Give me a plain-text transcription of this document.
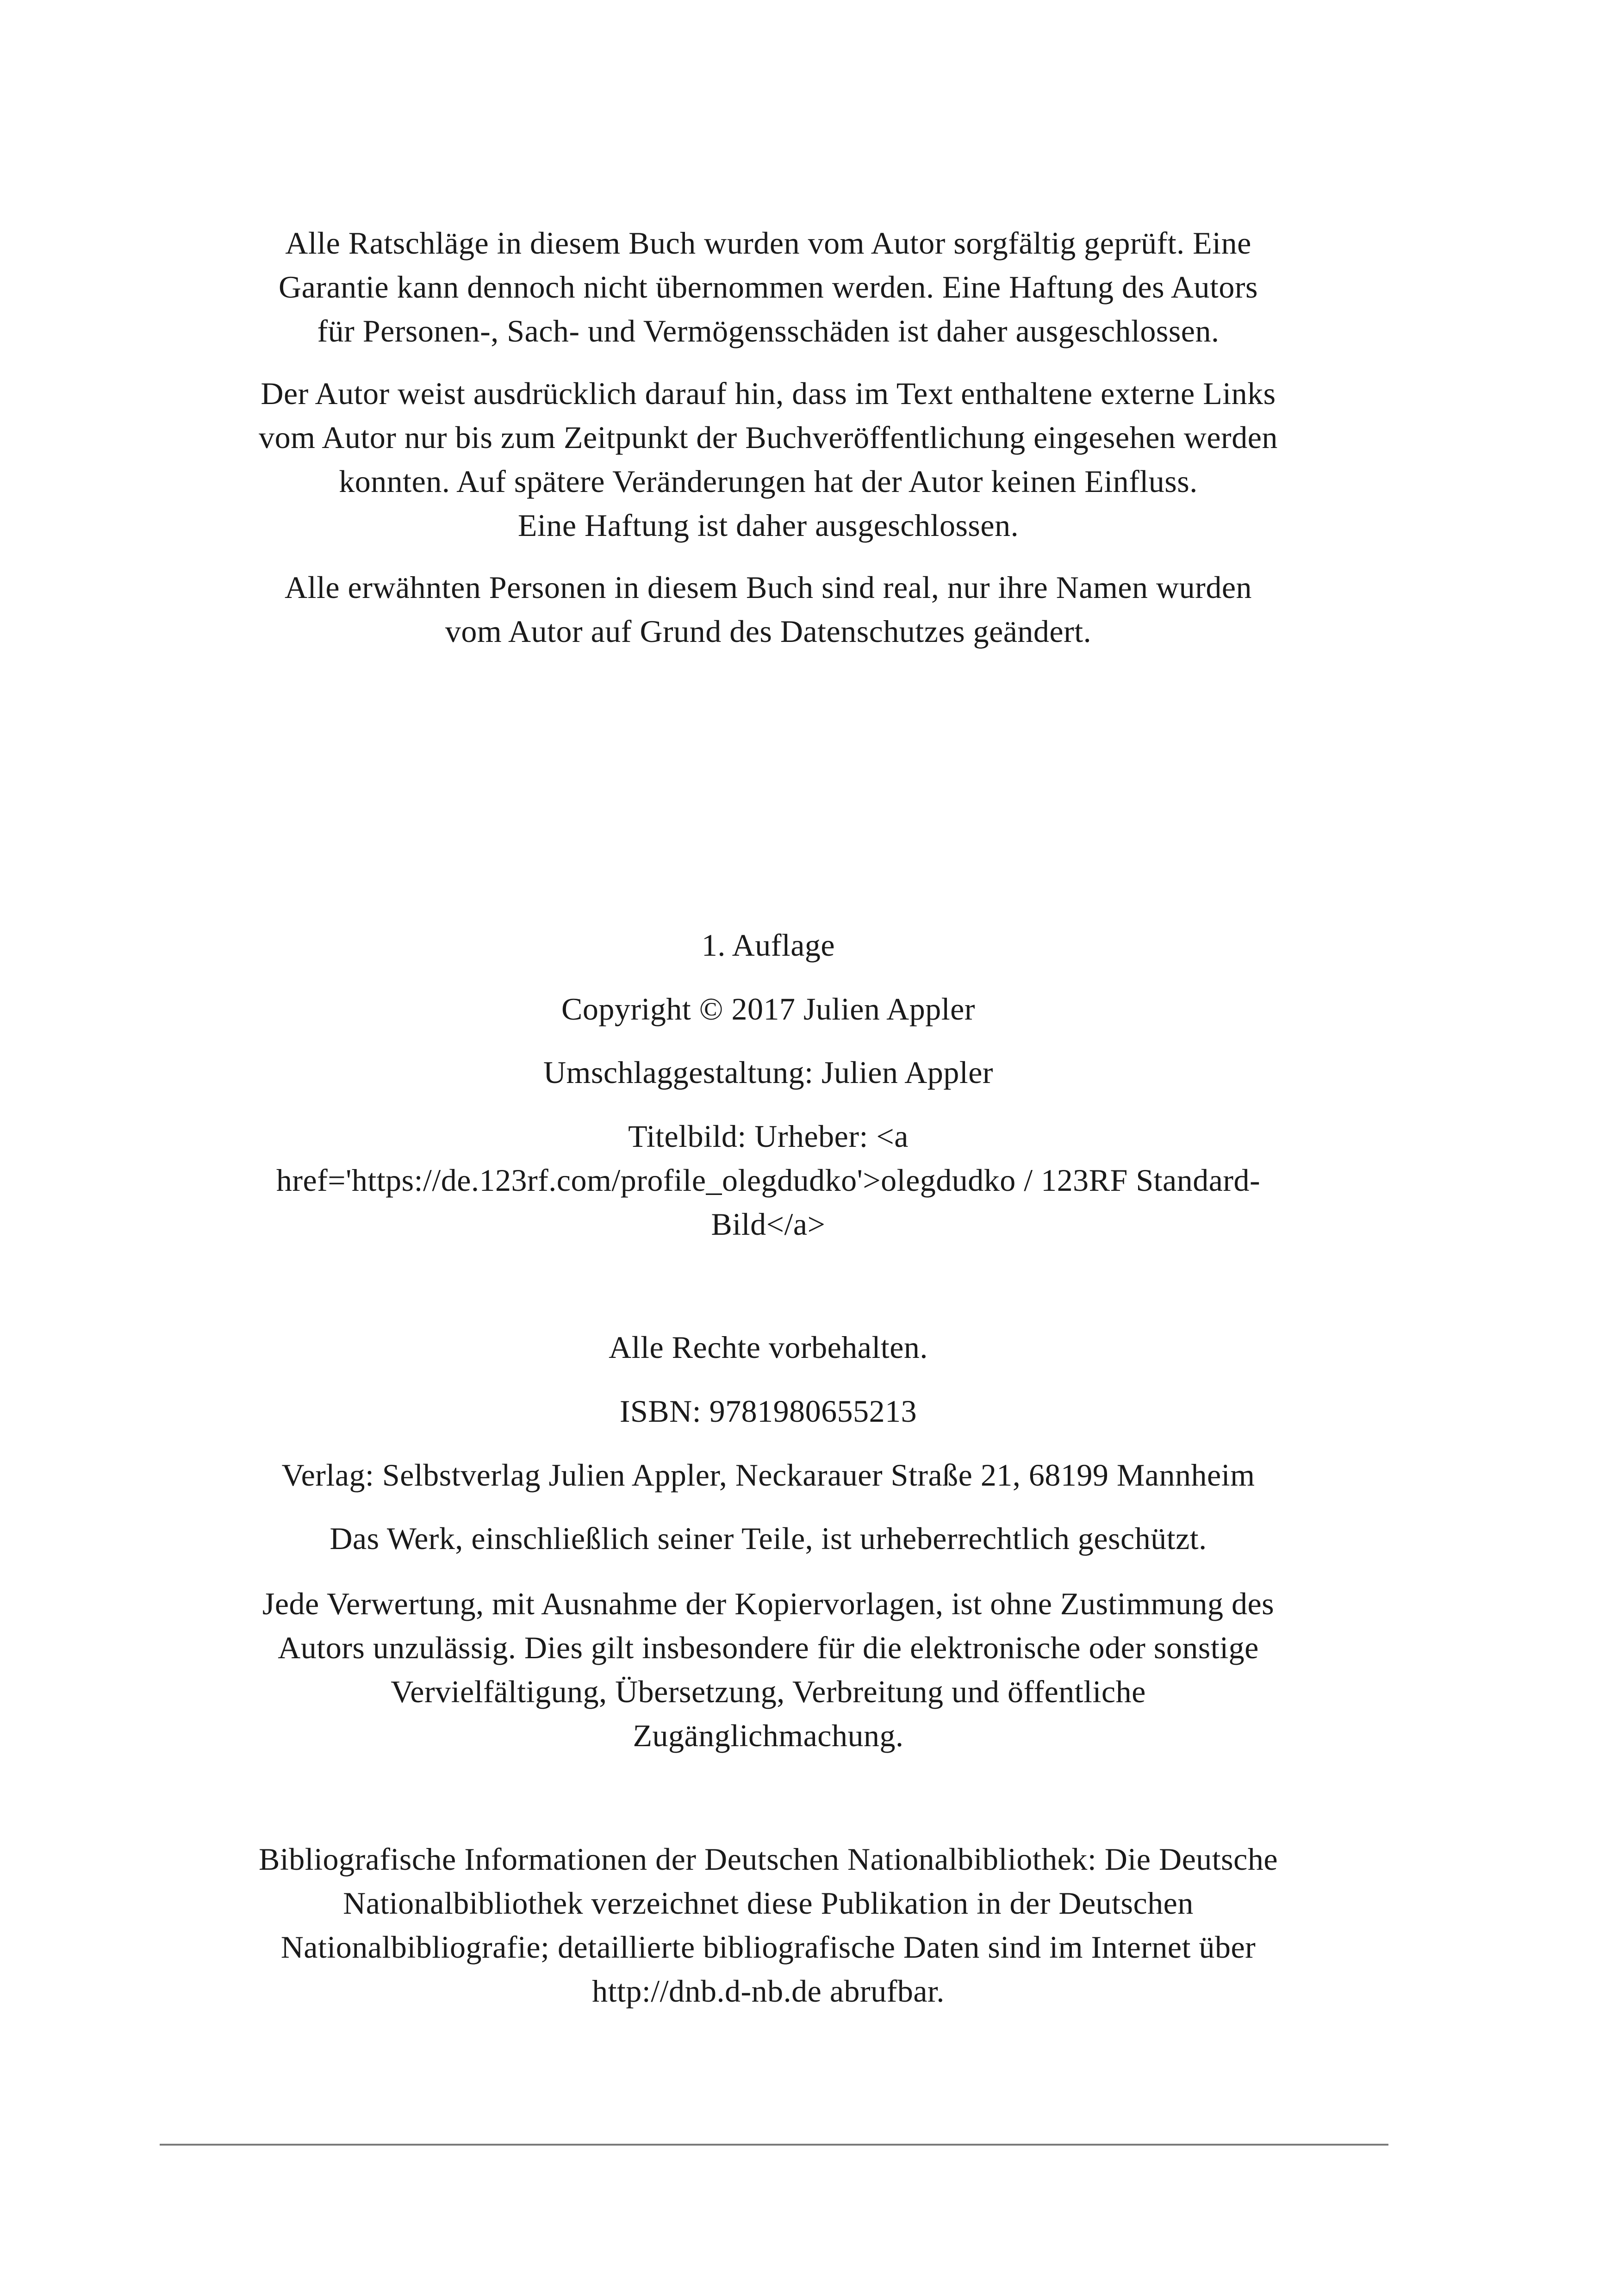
Alle Ratschläge in diesem Buch wurden vom Autor sorgfältig geprüft. Eine

Garantie kann dennoch nicht übernommen werden. Eine Haftung des Autors

für Personen-, Sach- und Vermögensschäden ist daher ausgeschlossen.

Der Autor weist ausdrücklich darauf hin, dass im Text enthaltene externe Links

vom Autor nur bis zum Zeitpunkt der Buchveröffentlichung eingesehen werden

konnten. Auf spätere Veränderungen hat der Autor keinen Einfluss.

Eine Haftung ist daher ausgeschlossen.

Alle erwähnten Personen in diesem Buch sind real, nur ihre Namen wurden

vom Autor auf Grund des Datenschutzes geändert.

1. Auflage

Copyright © 2017 Julien Appler

Umschlaggestaltung: Julien Appler

Titelbild: Urheber: <a

href='https://de.123rf.com/profile_olegdudko'>olegdudko / 123RF Standard-

Bild</a>

Alle Rechte vorbehalten.

ISBN: 9781980655213

Verlag: Selbstverlag Julien Appler, Neckarauer Straße 21, 68199 Mannheim

Das Werk, einschließlich seiner Teile, ist urheberrechtlich geschützt.

Jede Verwertung, mit Ausnahme der Kopiervorlagen, ist ohne Zustimmung des

Autors unzulässig. Dies gilt insbesondere für die elektronische oder sonstige

Vervielfältigung, Übersetzung, Verbreitung und öffentliche

Zugänglichmachung.

Bibliografische Informationen der Deutschen Nationalbibliothek: Die Deutsche

Nationalbibliothek verzeichnet diese Publikation in der Deutschen

Nationalbibliografie; detaillierte bibliografische Daten sind im Internet über

http://dnb.d-nb.de abrufbar.
